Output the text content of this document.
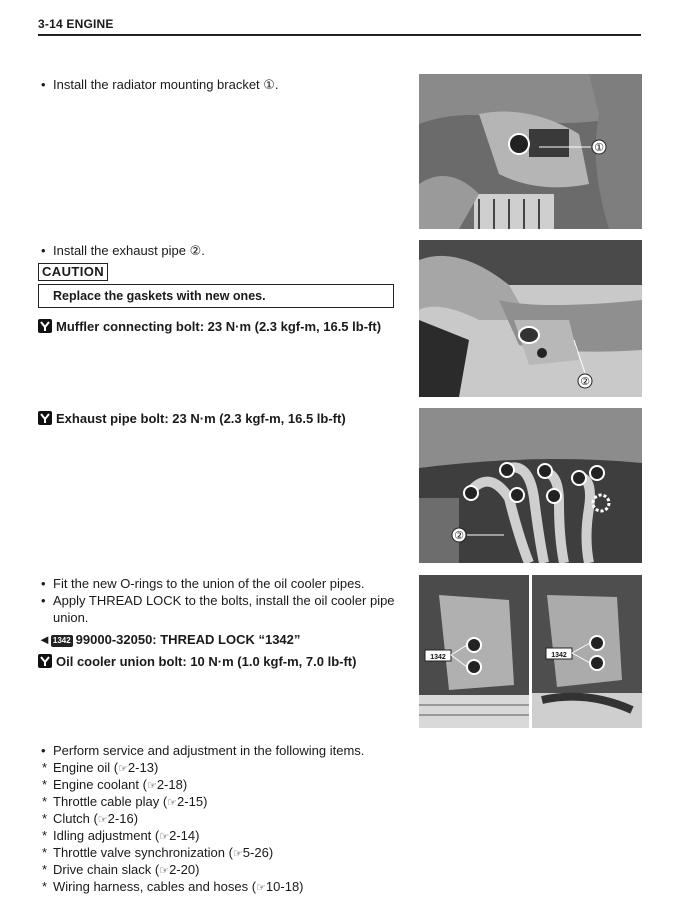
3-14 ENGINE
• Install the radiator mounting bracket ①.
①
• Install the exhaust pipe ②.
CAUTION
Replace the gaskets with new ones.
Muffler connecting bolt: 23 N·m (2.3 kgf-m, 16.5 lb-ft)
②
Exhaust pipe bolt: 23 N·m (2.3 kgf-m, 16.5 lb-ft)
②
• Fit the new O-rings to the union of the oil cooler pipes.
• Apply THREAD LOCK to the bolts, install the oil cooler pipe
union.
◄ 1342 99000-32050: THREAD LOCK “1342”
Oil cooler union bolt: 10 N·m (1.0 kgf-m, 7.0 lb-ft)	1342	1342
• Perform service and adjustment in the following items.
* Engine oil (☞2-13)
* Engine coolant (☞2-18)
* Throttle cable play (☞2-15)
* Clutch (☞2-16)
* Idling adjustment (☞2-14)
* Throttle valve synchronization (☞5-26)
* Drive chain slack (☞2-20)
* Wiring harness, cables and hoses (☞10-18)
